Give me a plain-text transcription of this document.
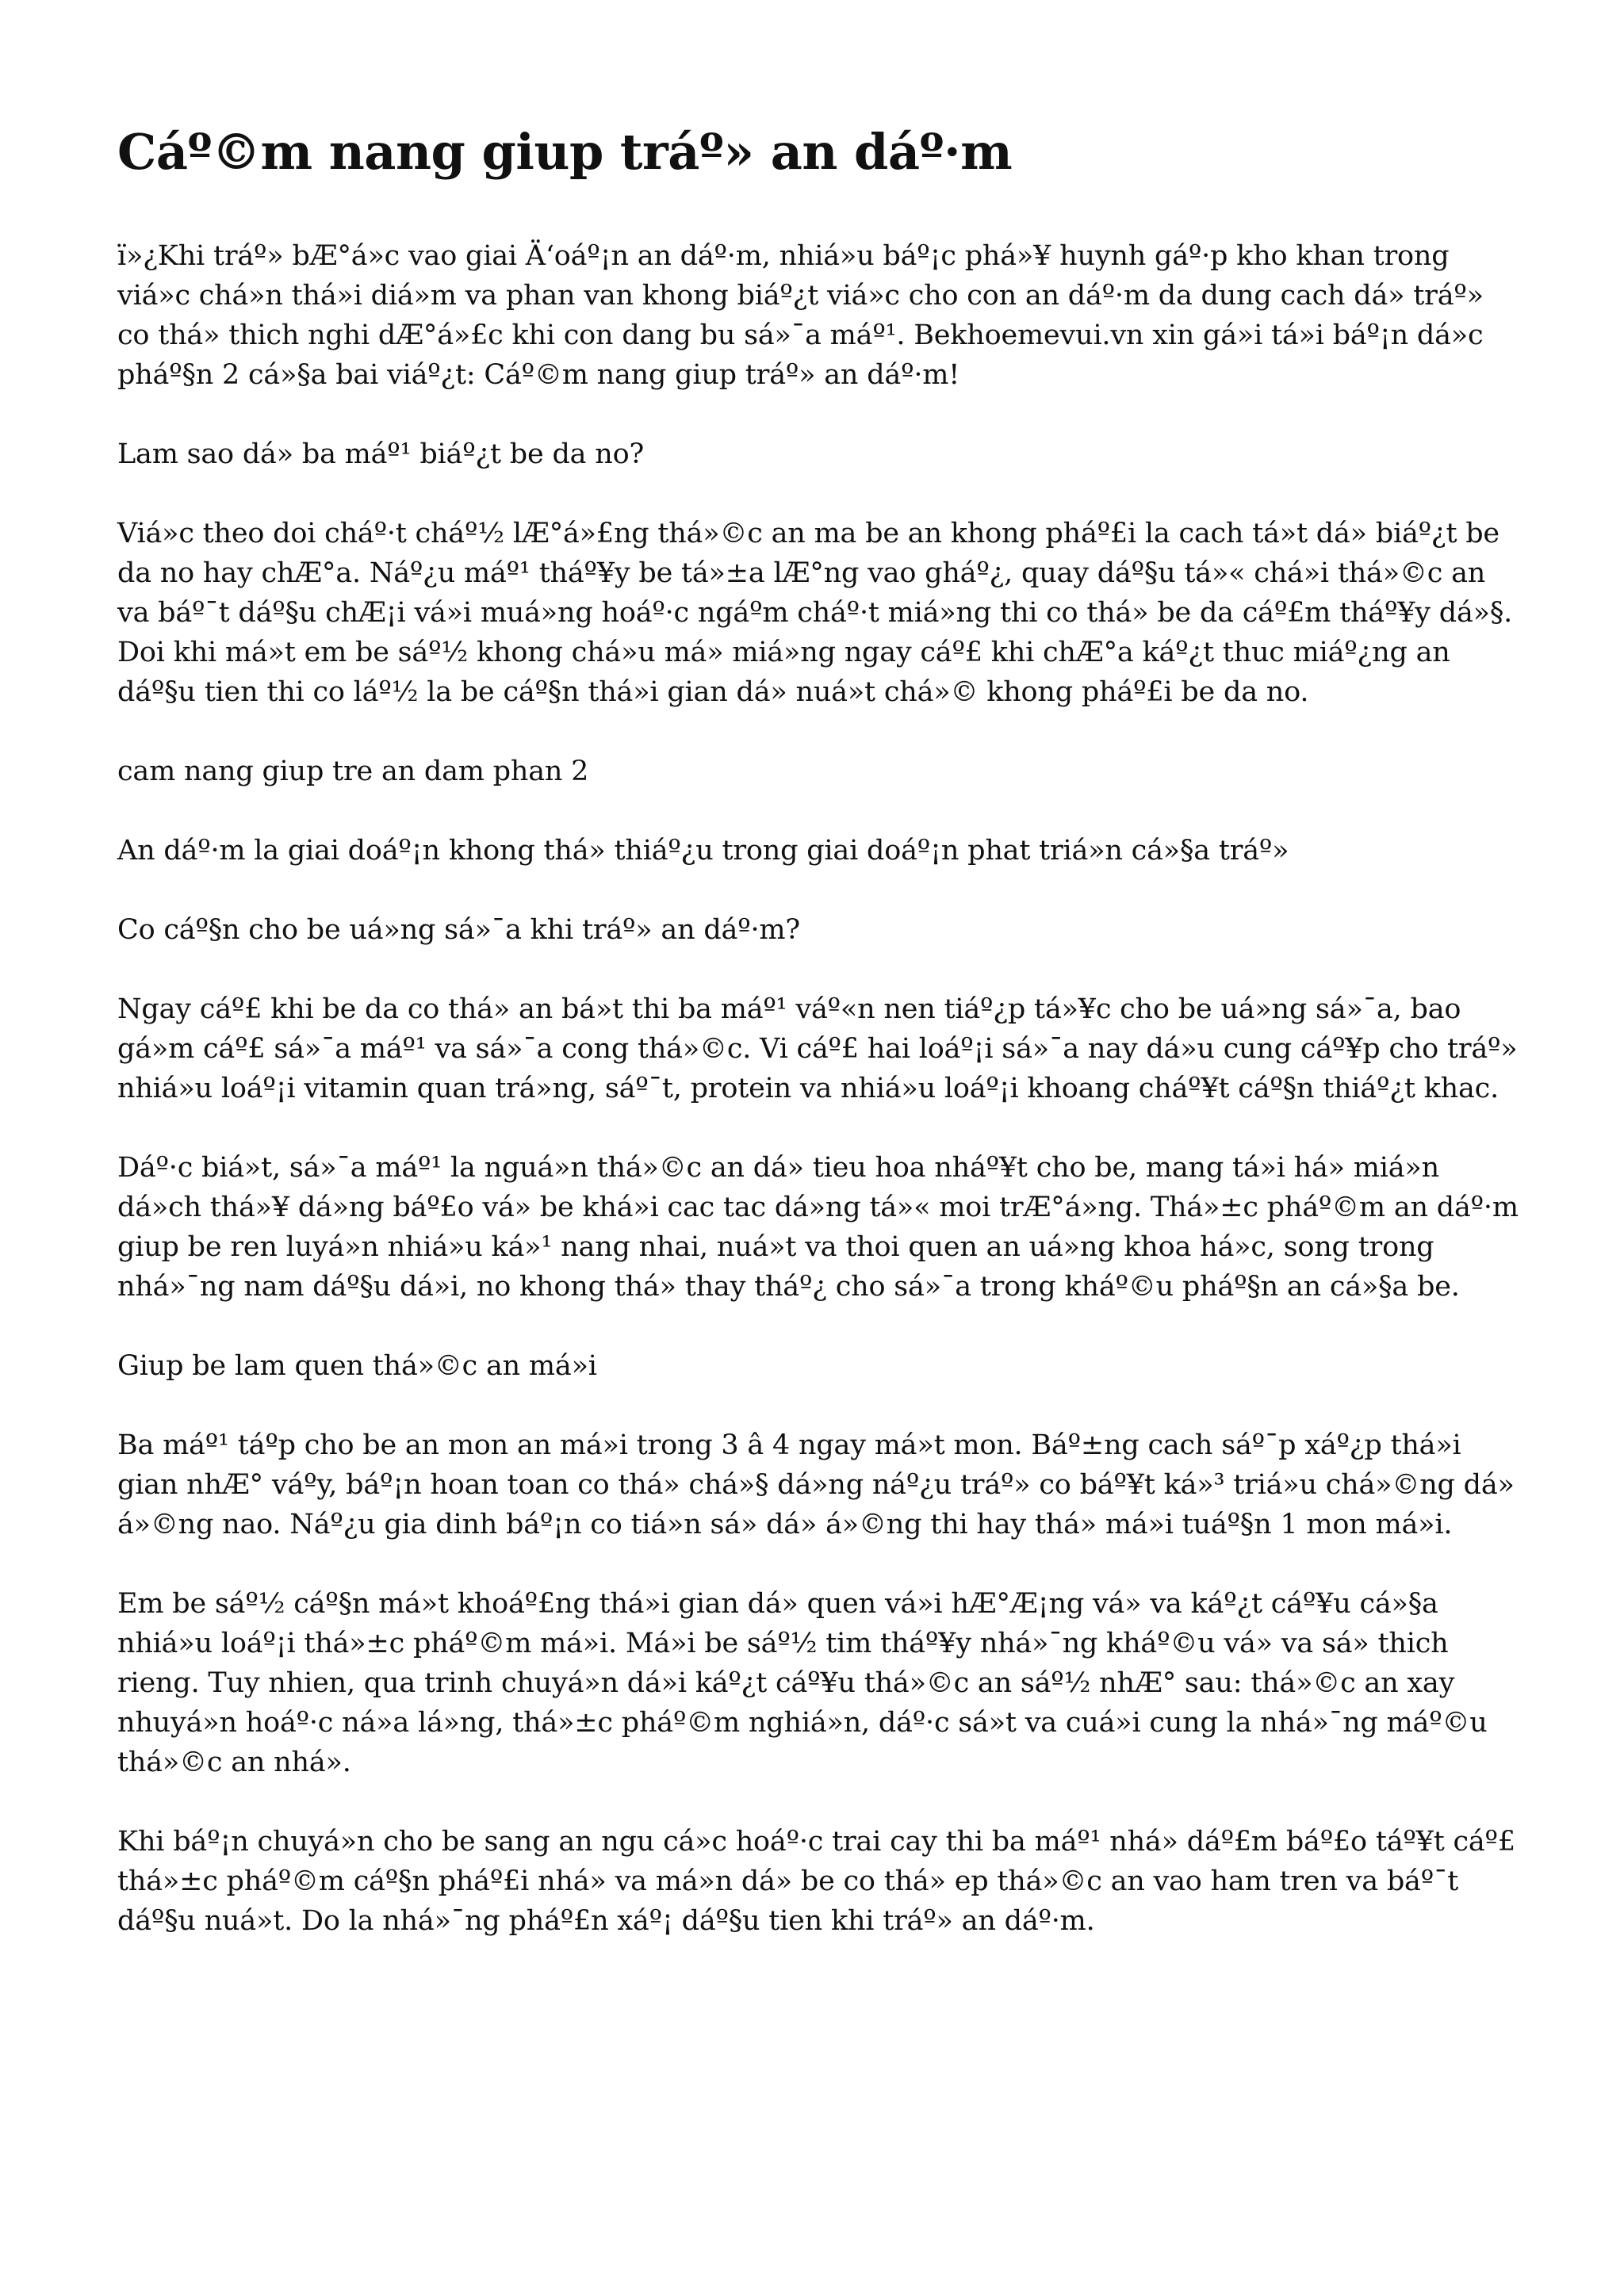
Cáº©m nang giup tráº» an dáº·m

ï»¿Khi tráº» bÆ°á»c vao giai Ä‘oáº¡n an dáº·m, nhiá»u báº¡c phá»¥ huynh gáº·p kho khan trong viá»c chá»n thá»i diá»m va phan van khong biáº¿t viá»c cho con an dáº·m da dung cach dá» tráº» co thá» thich nghi dÆ°á»£c khi con dang bu sá»¯a máº¹. Bekhoemevui.vn xin gá»i tá»i báº¡n dá»c pháº§n 2 cá»§a bai viáº¿t: Cáº©m nang giup tráº» an dáº·m!

Lam sao dá» ba máº¹ biáº¿t be da no?

Viá»c theo doi cháº·t cháº½ lÆ°á»£ng thá»©c an ma be an khong pháº£i la cach tá»t dá» biáº¿t be da no hay chÆ°a. Náº¿u máº¹ tháº¥y be tá»±a lÆ°ng vao gháº¿, quay dáº§u tá»« chá»i thá»©c an va báº¯t dáº§u chÆ¡i vá»i muá»ng hoáº·c ngáºm cháº·t miá»ng thi co thá» be da cáº£m tháº¥y dá»§. Doi khi má»t em be sáº½ khong chá»u má» miá»ng ngay cáº£ khi chÆ°a káº¿t thuc miáº¿ng an dáº§u tien thi co láº½ la be cáº§n thá»i gian dá» nuá»t chá»© khong pháº£i be da no.

cam nang giup tre an dam phan 2

An dáº·m la giai doáº¡n khong thá» thiáº¿u trong giai doáº¡n phat triá»n cá»§a tráº»

Co cáº§n cho be uá»ng sá»¯a khi tráº» an dáº·m?

Ngay cáº£ khi be da co thá» an bá»t thi ba máº¹ váº«n nen tiáº¿p tá»¥c cho be uá»ng sá»¯a, bao gá»m cáº£ sá»¯a máº¹ va sá»¯a cong thá»©c. Vi cáº£ hai loáº¡i sá»¯a nay dá»u cung cáº¥p cho tráº» nhiá»u loáº¡i vitamin quan trá»ng, sáº¯t, protein va nhiá»u loáº¡i khoang cháº¥t cáº§n thiáº¿t khac.

Dáº·c biá»t, sá»¯a máº¹ la nguá»n thá»©c an dá» tieu hoa nháº¥t cho be, mang tá»i há» miá»n dá»ch thá»¥ dá»ng báº£o vá» be khá»i cac tac dá»ng tá»« moi trÆ°á»ng. Thá»±c pháº©m an dáº·m giup be ren luyá»n nhiá»u ká»¹ nang nhai, nuá»t va thoi quen an uá»ng khoa há»c, song trong nhá»¯ng nam dáº§u dá»i, no khong thá» thay tháº¿ cho sá»¯a trong kháº©u pháº§n an cá»§a be.

Giup be lam quen thá»©c an má»i

Ba máº¹ táºp cho be an mon an má»i trong 3 â 4 ngay má»t mon. Báº±ng cach sáº¯p xáº¿p thá»i gian nhÆ° váºy, báº¡n hoan toan co thá» chá»§ dá»ng náº¿u tráº» co báº¥t ká»³ triá»u chá»©ng dá» á»©ng nao. Náº¿u gia dinh báº¡n co tiá»n sá» dá» á»©ng thi hay thá» má»i tuáº§n 1 mon má»i.

Em be sáº½ cáº§n má»t khoáº£ng thá»i gian dá» quen vá»i hÆ°Æ¡ng vá» va káº¿t cáº¥u cá»§a nhiá»u loáº¡i thá»±c pháº©m má»i. Má»i be sáº½ tim tháº¥y nhá»¯ng kháº©u vá» va sá» thich rieng. Tuy nhien, qua trinh chuyá»n dá»i káº¿t cáº¥u thá»©c an sáº½ nhÆ° sau: thá»©c an xay nhuyá»n hoáº·c ná»a lá»ng, thá»±c pháº©m nghiá»n, dáº·c sá»t va cuá»i cung la nhá»¯ng máº©u thá»©c an nhá».

Khi báº¡n chuyá»n cho be sang an ngu cá»c hoáº·c trai cay thi ba máº¹ nhá» dáº£m báº£o táº¥t cáº£ thá»±c pháº©m cáº§n pháº£i nhá» va má»n dá» be co thá» ep thá»©c an vao ham tren va báº¯t dáº§u nuá»t. Do la nhá»¯ng pháº£n xáº¡ dáº§u tien khi tráº» an dáº·m.
